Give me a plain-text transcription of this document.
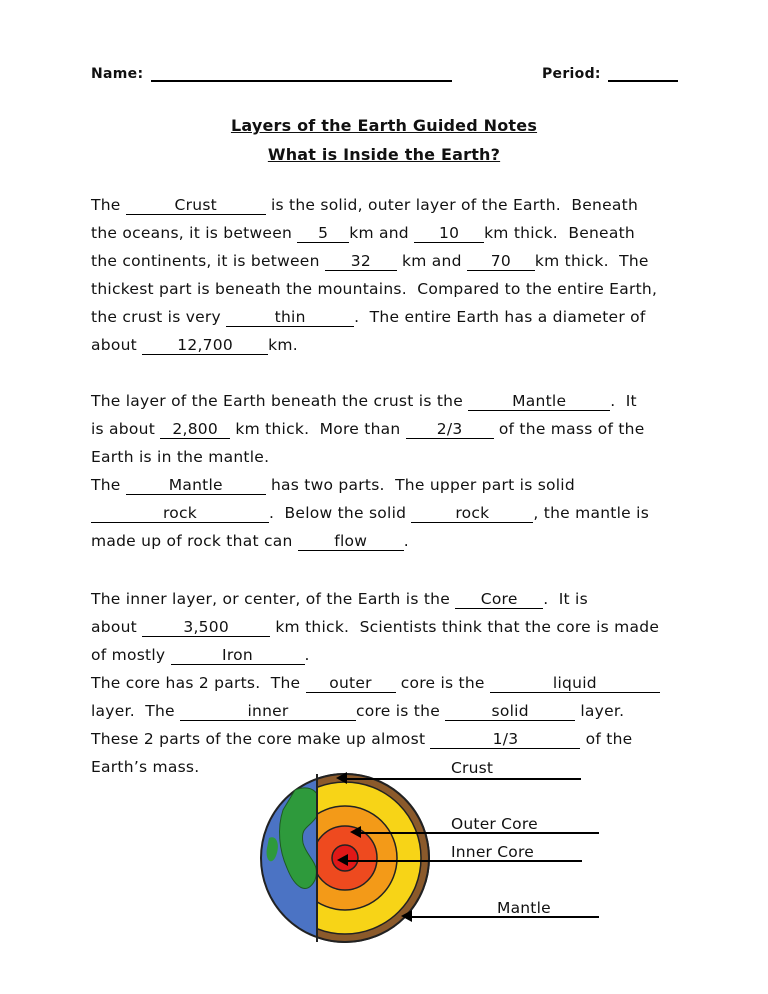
Name:	Period:
Layers of the Earth Guided Notes
What is Inside the Earth?
The	Crust	is the solid, outer layer of the Earth.  Beneath
the oceans, it is between 5 km and 10 km thick.  Beneath
the continents, it is between 32 km and 70 km thick.  The
thickest part is beneath the mountains.  Compared to the entire Earth,
the crust is very	thin	.  The entire Earth has a diameter of
about 12,700 km.
The layer of the Earth beneath the crust is the	Mantle	.  It
is about 2,800 km thick.  More than 2/3 of the mass of the
Earth is in the mantle.
The	Mantle	has two parts.  The upper part is solid
rock	.  Below the solid	rock	, the mantle is
made up of rock that can flow .
The inner layer, or center, of the Earth is the Core .  It is
about	3,500	km thick.  Scientists think that the core is made
of mostly	Iron	.
The core has 2 parts.  The outer core is the	liquid
layer.  The	inner	core is the	solid	layer.
These 2 parts of the core make up almost	1/3	of the
Earth’s mass.	Crust
Outer Core
Inner Core
Mantle
